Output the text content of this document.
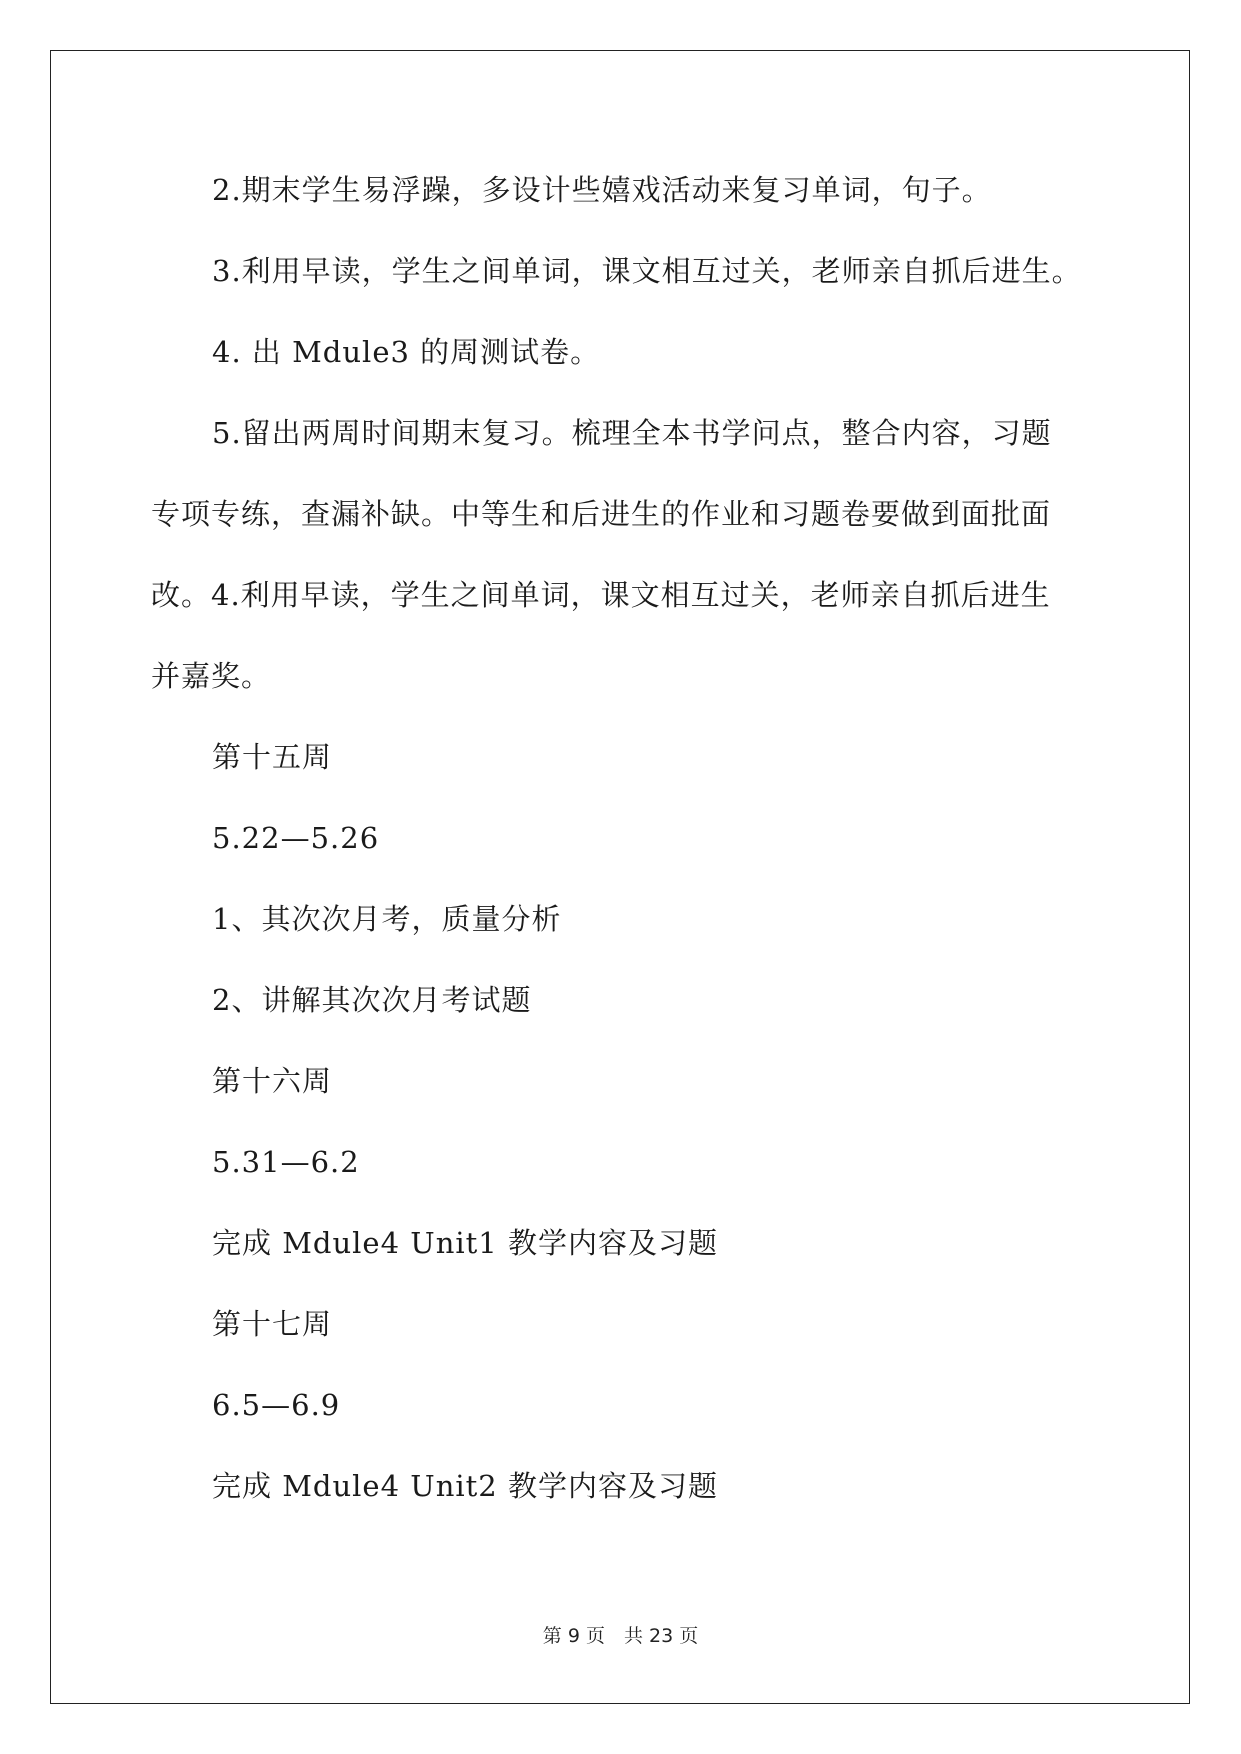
2.期末学生易浮躁，多设计些嬉戏活动来复习单词，句子。
3.利用早读，学生之间单词，课文相互过关，老师亲自抓后进生。
4. 出 Mdule3 的周测试卷。
5.留出两周时间期末复习。梳理全本书学问点，整合内容，习题
专项专练，查漏补缺。中等生和后进生的作业和习题卷要做到面批面
改。4.利用早读，学生之间单词，课文相互过关，老师亲自抓后进生
并嘉奖。
第十五周
5.22—5.26
1、其次次月考，质量分析
2、讲解其次次月考试题
第十六周
5.31—6.2
完成 Mdule4 Unit1 教学内容及习题
第十七周
6.5—6.9
完成 Mdule4 Unit2 教学内容及习题
第 9 页　共 23 页
